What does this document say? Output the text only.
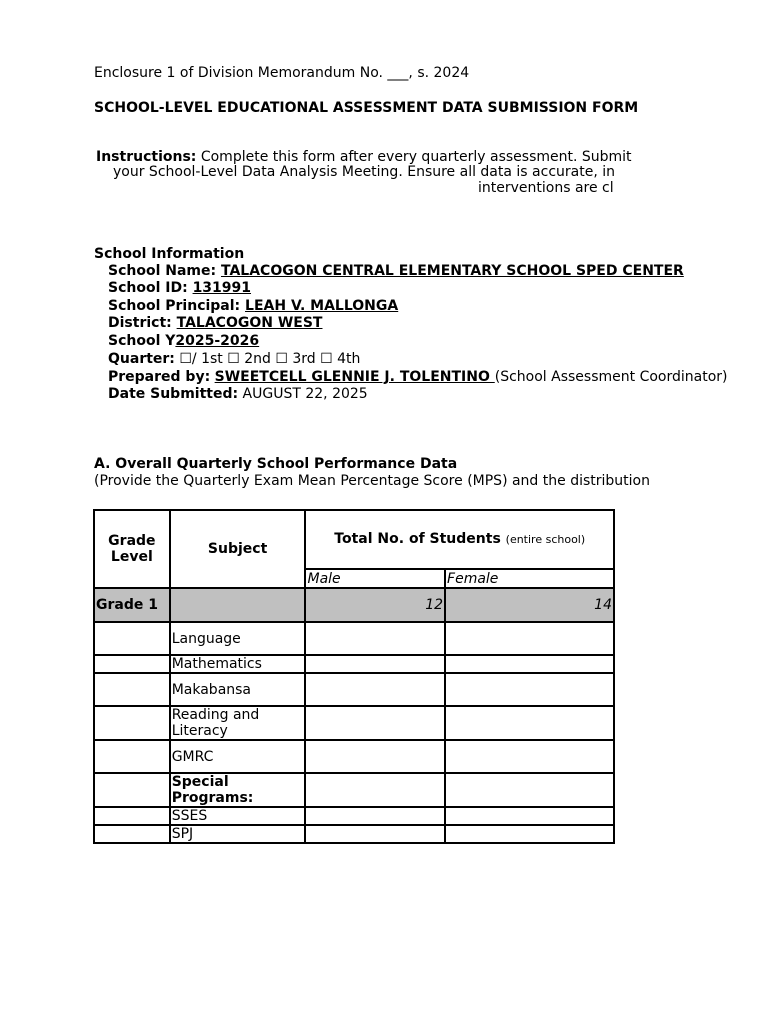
Enclosure 1 of Division Memorandum No. ___, s. 2024
SCHOOL-LEVEL EDUCATIONAL ASSESSMENT DATA SUBMISSION FORM
Instructions: Complete this form after every quarterly assessment. Submit
your School-Level Data Analysis Meeting. Ensure all data is accurate, in
interventions are cl
School Information
School Name: TALACOGON CENTRAL ELEMENTARY SCHOOL SPED CENTER
School ID: 131991
School Principal: LEAH V. MALLONGA
District: TALACOGON WEST
School Y2025-2026
Quarter: ☐/ 1st ☐ 2nd ☐ 3rd ☐ 4th
Prepared by: SWEETCELL GLENNIE J. TOLENTINO (School Assessment Coordinator)
Date Submitted: AUGUST 22, 2025
A. Overall Quarterly School Performance Data
(Provide the Quarterly Exam Mean Percentage Score (MPS) and the distribution
Grade Level	Subject	Total No. of Students (entire school)	
		Male	Female
Grade 1		12	14
	Language		
	Mathematics		
	Makabansa		
	Reading and Literacy		
	GMRC		
	Special Programs:		
	SSES		
	SPJ		
